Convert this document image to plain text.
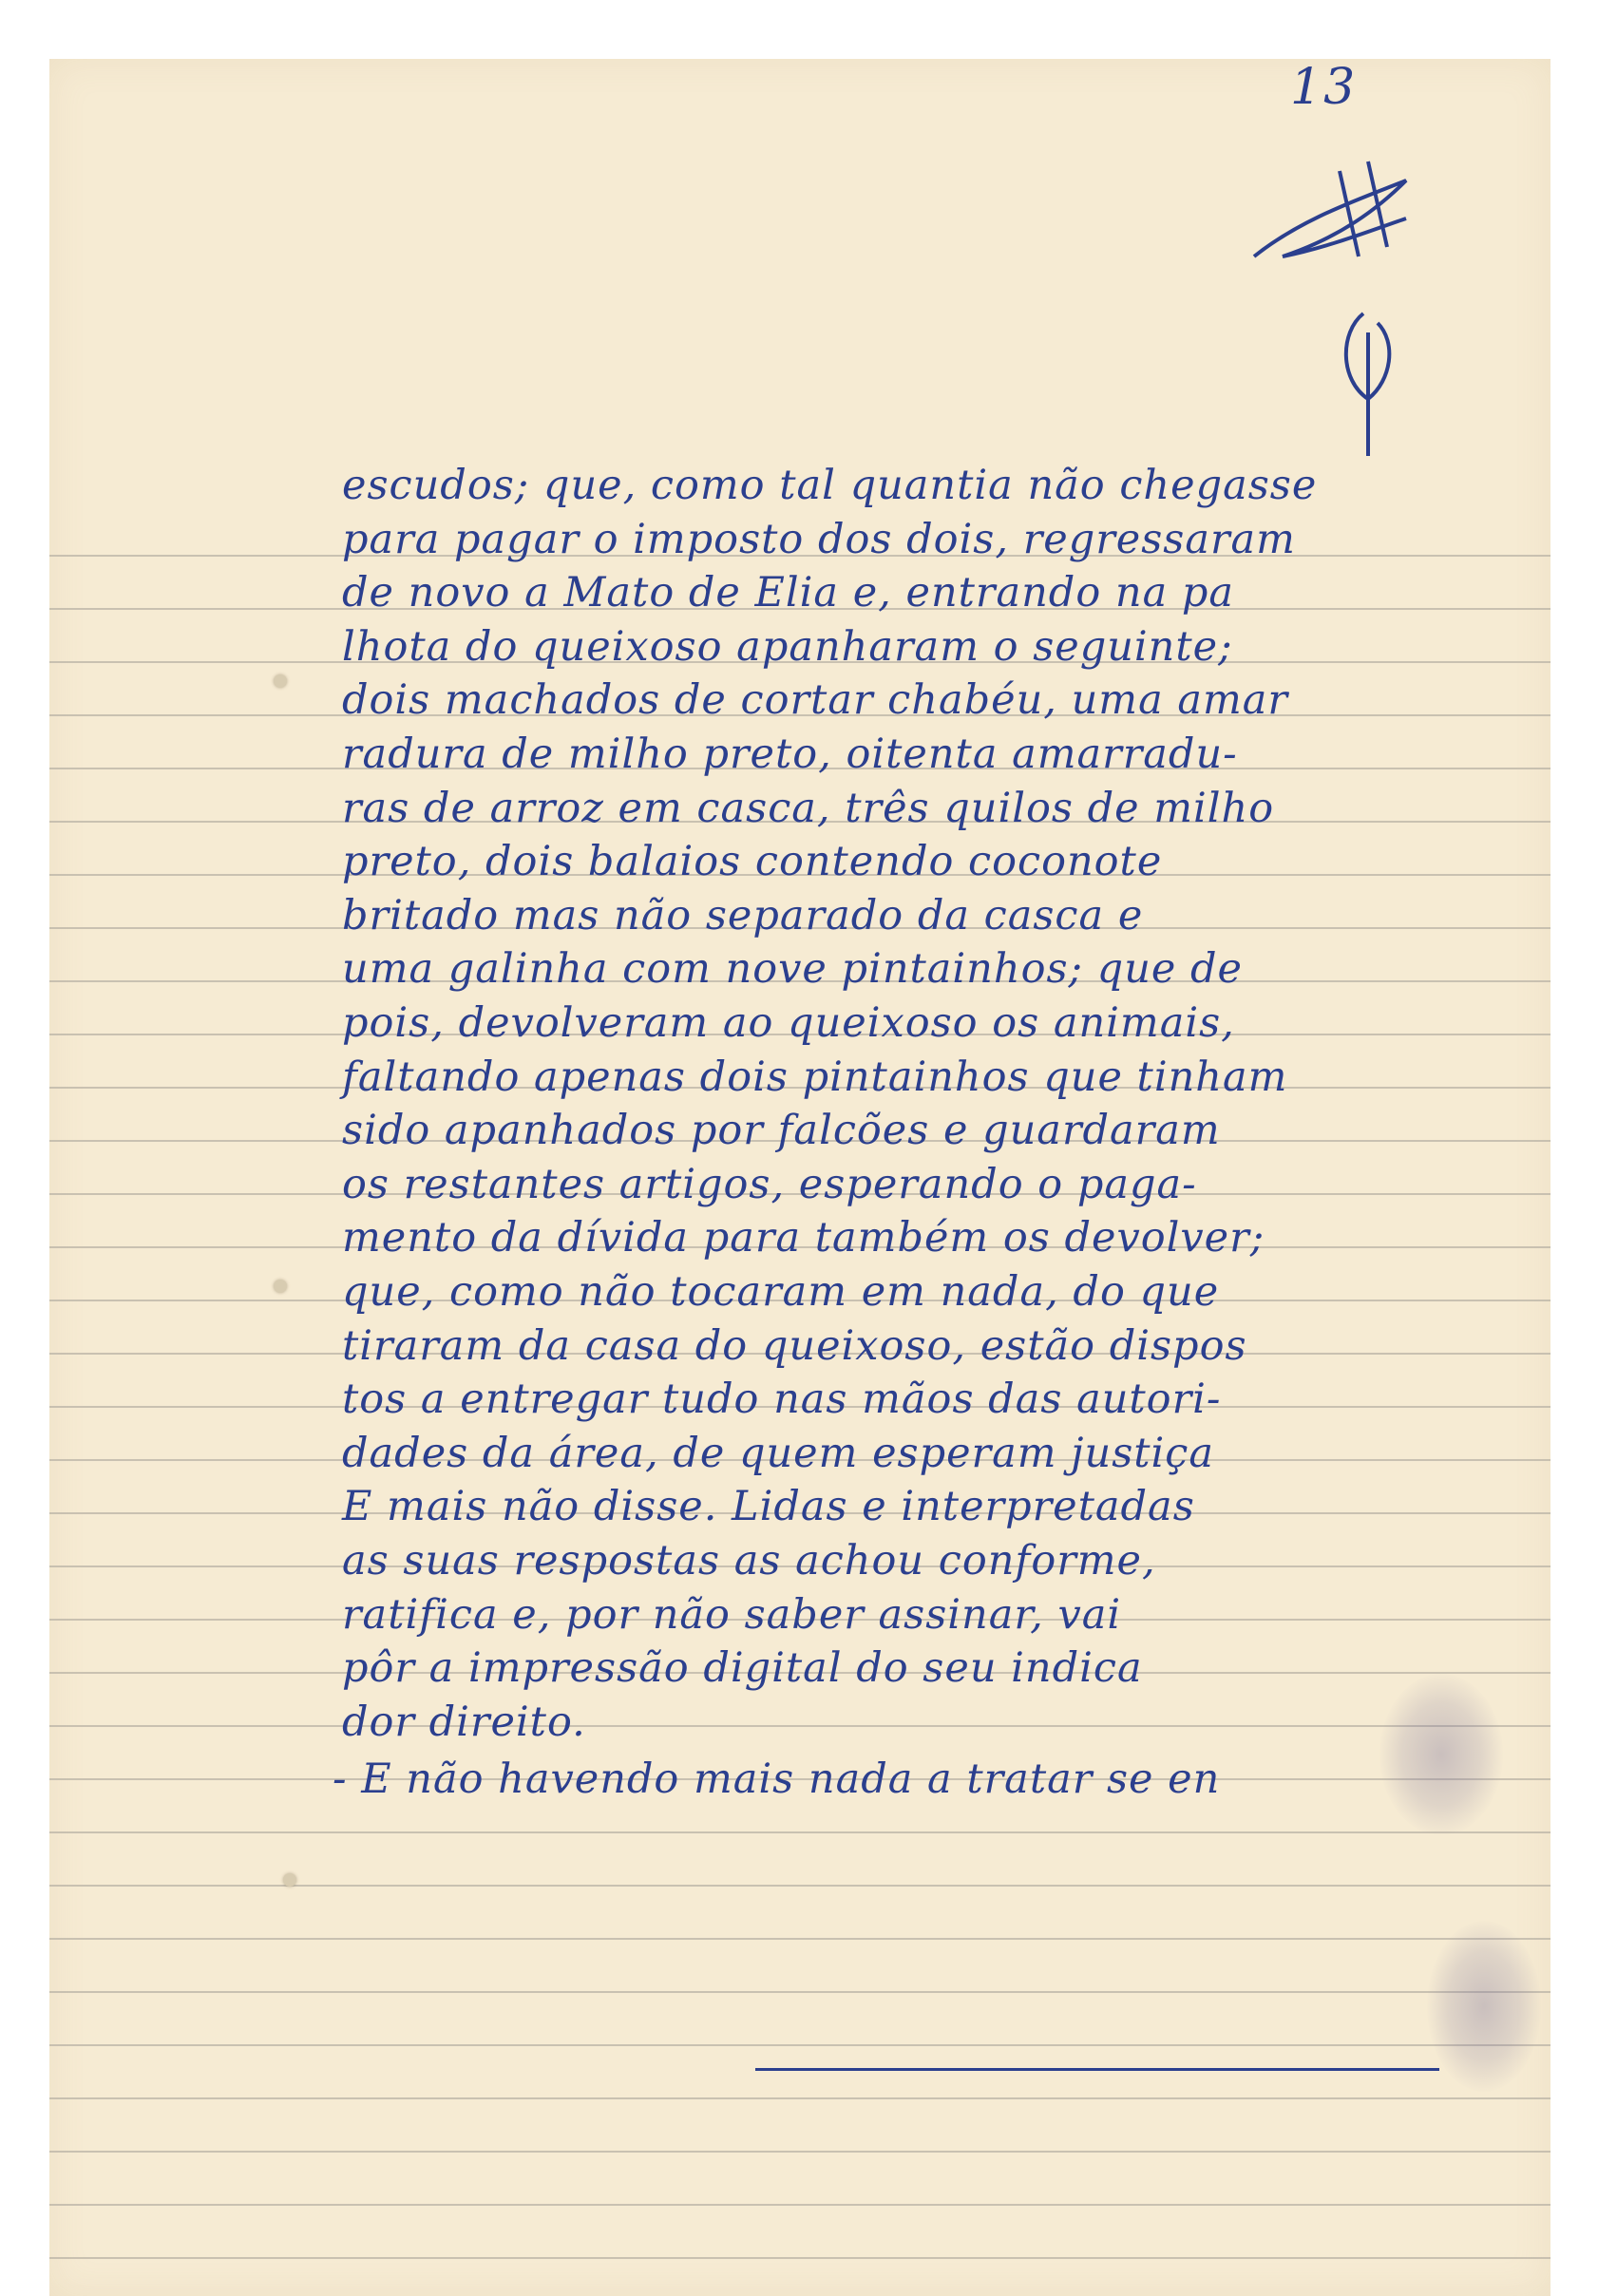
13
escudos; que, como tal quantia não chegasse
para pagar o imposto dos dois, regressaram
de novo a Mato de Elia e, entrando na pa
lhota do queixoso apanharam o seguinte;
dois machados de cortar chabéu, uma amar
radura de milho preto, oitenta amarradu-
ras de arroz em casca, três quilos de milho
preto, dois balaios contendo coconote
britado mas não separado da casca e
uma galinha com nove pintainhos; que de
pois, devolveram ao queixoso os animais,
faltando apenas dois pintainhos que tinham
sido apanhados por falcões e guardaram
os restantes artigos, esperando o paga-
mento da dívida para também os devolver;
que, como não tocaram em nada, do que
tiraram da casa do queixoso, estão dispos
tos a entregar tudo nas mãos das autori-
dades da área, de quem esperam justiça
E mais não disse. Lidas e interpretadas
as suas respostas as achou conforme,
ratifica e, por não saber assinar, vai
pôr a impressão digital do seu indica
dor direito.
- E não havendo mais nada a tratar se en
